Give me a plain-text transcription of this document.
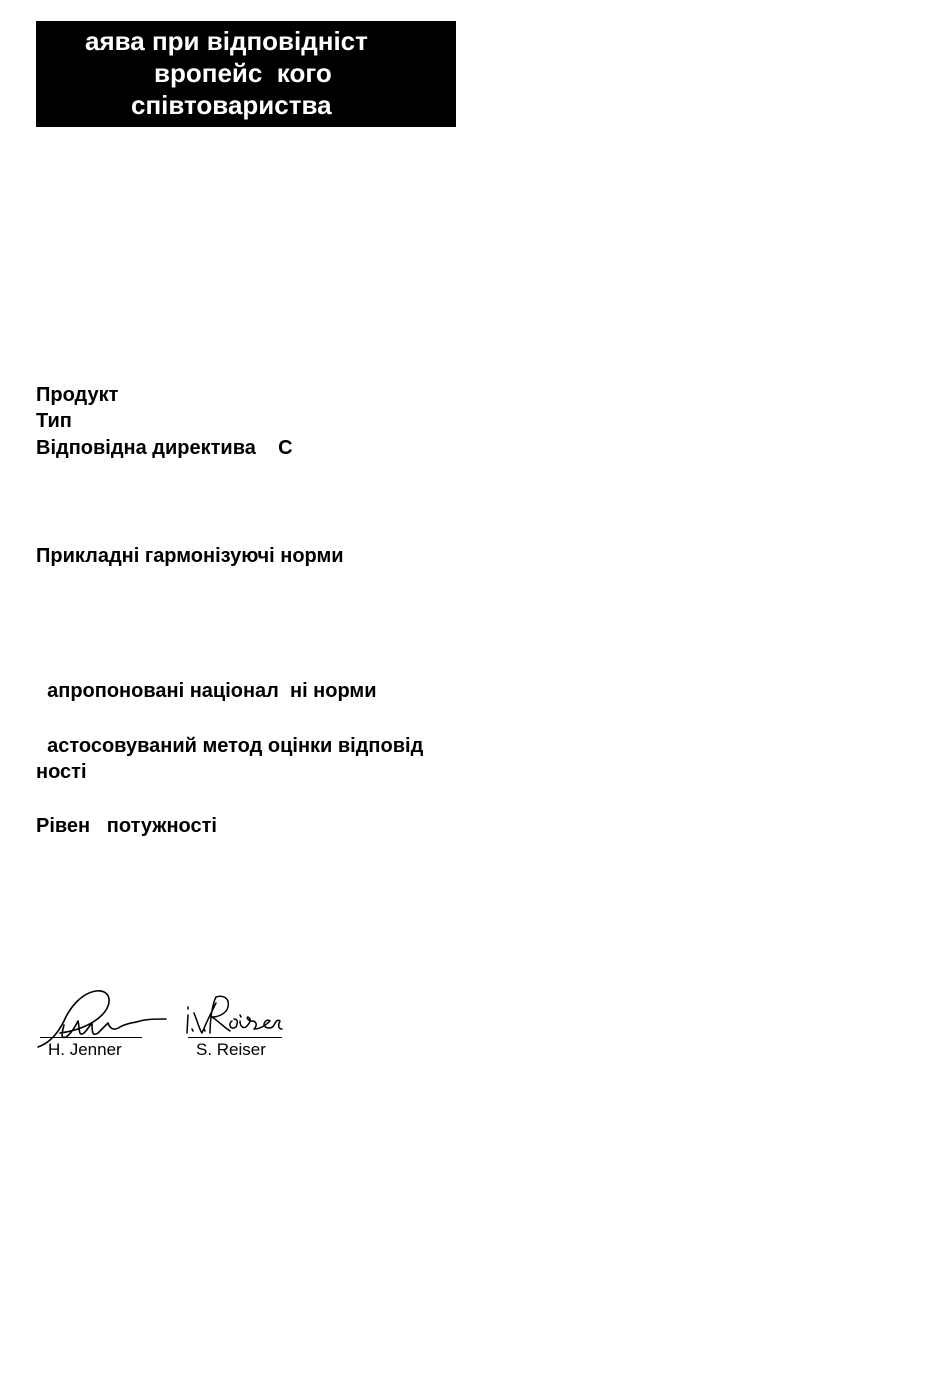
аява при відповідніст
вропейс  кого
співтовариства
Продукт
Тип
Відповідна директива    C
Прикладні гармонізуючі норми
апропоновані націонал  ні норми
астосовуваний метод оцінки відповід
ності
Рівен   потужності
H. Jenner	S. Reiser
